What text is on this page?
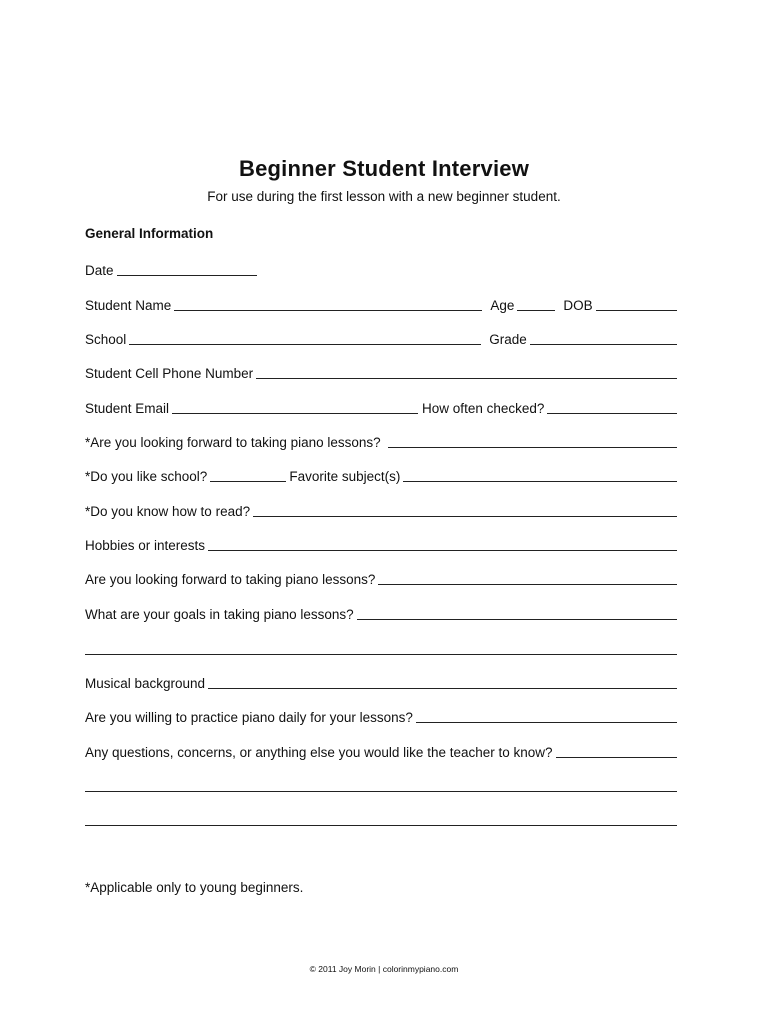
Beginner Student Interview
For use during the first lesson with a new beginner student.
General Information
Date
Student Name	Age	DOB
School	Grade
Student Cell Phone Number
Student Email	How often checked?
*Are you looking forward to taking piano lessons?
*Do you like school?	Favorite subject(s)
*Do you know how to read?
Hobbies or interests
Are you looking forward to taking piano lessons?
What are your goals in taking piano lessons?
Musical background
Are you willing to practice piano daily for your lessons?
Any questions, concerns, or anything else you would like the teacher to know?
*Applicable only to young beginners.
© 2011 Joy Morin | colorinmypiano.com
